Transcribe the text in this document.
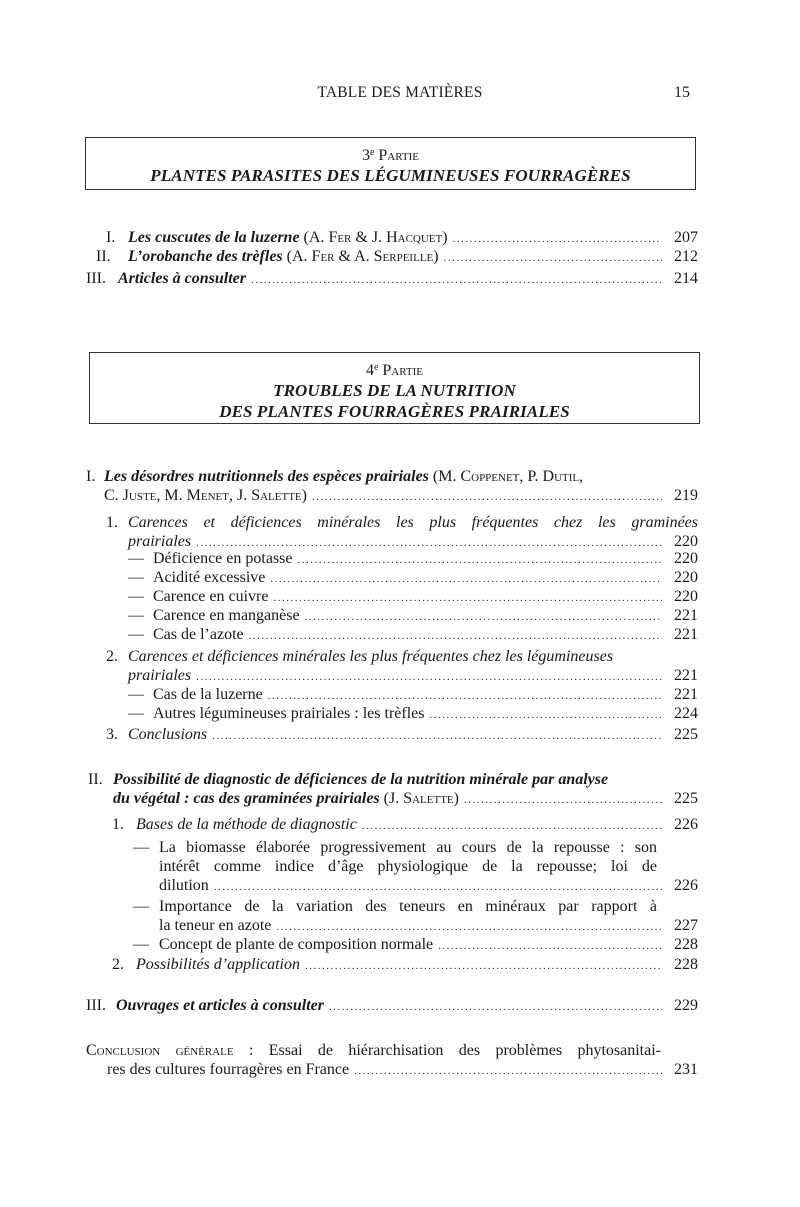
TABLE DES MATIÈRES	15
3e Partie
PLANTES PARASITES DES LÉGUMINEUSES FOURRAGÈRES
I. Les cuscutes de la luzerne (A. Fer & J. Hacquet) .....	207
II. L’orobanche des trèfles (A. Fer & A. Serpeille) .....	212
III. Articles à consulter .....	214
4e Partie
TROUBLES DE LA NUTRITION
DES PLANTES FOURRAGÈRES PRAIRIALES
I. Les désordres nutritionnels des espèces prairiales (M. Coppenet, P. Dutil,
C. Juste, M. Menet, J. Salette) .....	219
1. Carences et déficiences minérales les plus fréquentes chez les graminées
prairiales .....	220
— Déficience en potasse .....	220
— Acidité excessive .....	220
— Carence en cuivre .....	220
— Carence en manganèse .....	221
— Cas de l’azote .....	221
2. Carences et déficiences minérales les plus fréquentes chez les légumineuses
prairiales .....	221
— Cas de la luzerne .....	221
— Autres légumineuses prairiales : les trèfles .....	224
3. Conclusions .....	225
II. Possibilité de diagnostic de déficiences de la nutrition minérale par analyse
du végétal : cas des graminées prairiales (J. Salette) .....	225
1. Bases de la méthode de diagnostic .....	226
— La biomasse élaborée progressivement au cours de la repousse : son
intérêt comme indice d’âge physiologique de la repousse; loi de
dilution .....	226
— Importance de la variation des teneurs en minéraux par rapport à
la teneur en azote .....	227
— Concept de plante de composition normale .....	228
2. Possibilités d’application .....	228
III. Ouvrages et articles à consulter .....	229
Conclusion générale : Essai de hiérarchisation des problèmes phytosanitai-
res des cultures fourragères en France .....	231
